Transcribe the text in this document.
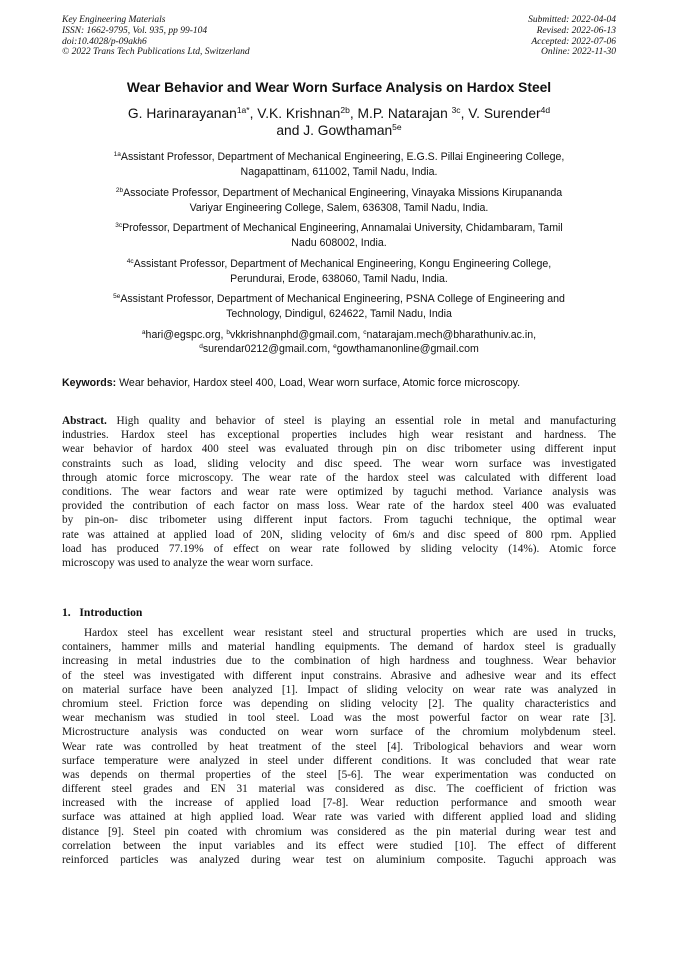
Key Engineering Materials
ISSN: 1662-9795, Vol. 935, pp 99-104
doi:10.4028/p-09akh6
© 2022 Trans Tech Publications Ltd, Switzerland
Submitted: 2022-04-04
Revised: 2022-06-13
Accepted: 2022-07-06
Online: 2022-11-30
Wear Behavior and Wear Worn Surface Analysis on Hardox Steel
G. Harinarayanan$^{1a*}$, V.K. Krishnan$^{2b}$, M.P. Natarajan $^{3c}$, V. Surender$^{4d}$
and J. Gowthaman$^{5e}$
$^{1a}$Assistant Professor, Department of Mechanical Engineering, E.G.S. Pillai Engineering College,
Nagapattinam, 611002, Tamil Nadu, India.
$^{2b}$Associate Professor, Department of Mechanical Engineering, Vinayaka Missions Kirupananda
Variyar Engineering College, Salem, 636308, Tamil Nadu, India.
$^{3c}$Professor, Department of Mechanical Engineering, Annamalai University, Chidambaram, Tamil
Nadu 608002, India.
$^{4c}$Assistant Professor, Department of Mechanical Engineering, Kongu Engineering College,
Perundurai, Erode, 638060, Tamil Nadu, India.
$^{5e}$Assistant Professor, Department of Mechanical Engineering, PSNA College of Engineering and
Technology, Dindigul, 624622, Tamil Nadu, India
$^a$hari@egspc.org, $^b$vkkrishnanphd@gmail.com, $^c$natarajam.mech@bharathuniv.ac.in,
$^d$surendar0212@gmail.com, $^e$gowthamanonline@gmail.com
Keywords: Wear behavior, Hardox steel 400, Load, Wear worn surface, Atomic force microscopy.
Abstract. High quality and behavior of steel is playing an essential role in metal and manufacturing
industries. Hardox steel has exceptional properties includes high wear resistant and hardness. The
wear behavior of hardox 400 steel was evaluated through pin on disc tribometer using different input
constraints such as load, sliding velocity and disc speed. The wear worn surface was investigated
through atomic force microscopy. The wear rate of the hardox steel was calculated with different load
conditions. The wear factors and wear rate were optimized by taguchi method. Variance analysis was
provided the contribution of each factor on mass loss. Wear rate of the hardox steel 400 was evaluated
by pin-on- disc tribometer using different input factors. From taguchi technique, the optimal wear
rate was attained at applied load of 20N, sliding velocity of 6m/s and disc speed of 800 rpm. Applied
load has produced 77.19% of effect on wear rate followed by sliding velocity (14%). Atomic force
microscopy was used to analyze the wear worn surface.
1. Introduction
Hardox steel has excellent wear resistant steel and structural properties which are used in trucks,
containers, hammer mills and material handling equipments. The demand of hardox steel is gradually
increasing in metal industries due to the combination of high hardness and toughness. Wear behavior
of the steel was investigated with different input constrains. Abrasive and adhesive wear and its effect
on material surface have been analyzed [1]. Impact of sliding velocity on wear rate was analyzed in
chromium steel. Friction force was depending on sliding velocity [2]. The quality characteristics and
wear mechanism was studied in tool steel. Load was the most powerful factor on wear rate [3].
Microstructure analysis was conducted on wear worn surface of the chromium molybdenum steel.
Wear rate was controlled by heat treatment of the steel [4]. Tribological behaviors and wear worn
surface temperature were analyzed in steel under different conditions. It was concluded that wear rate
was depends on thermal properties of the steel [5-6]. The wear experimentation was conducted on
different steel grades and EN 31 material was considered as disc. The coefficient of friction was
increased with the increase of applied load [7-8]. Wear reduction performance and smooth wear
surface was attained at high applied load. Wear rate was varied with different applied load and sliding
distance [9]. Steel pin coated with chromium was considered as the pin material during wear test and
correlation between the input variables and its effect were studied [10]. The effect of different
reinforced particles was analyzed during wear test on aluminium composite. Taguchi approach was
